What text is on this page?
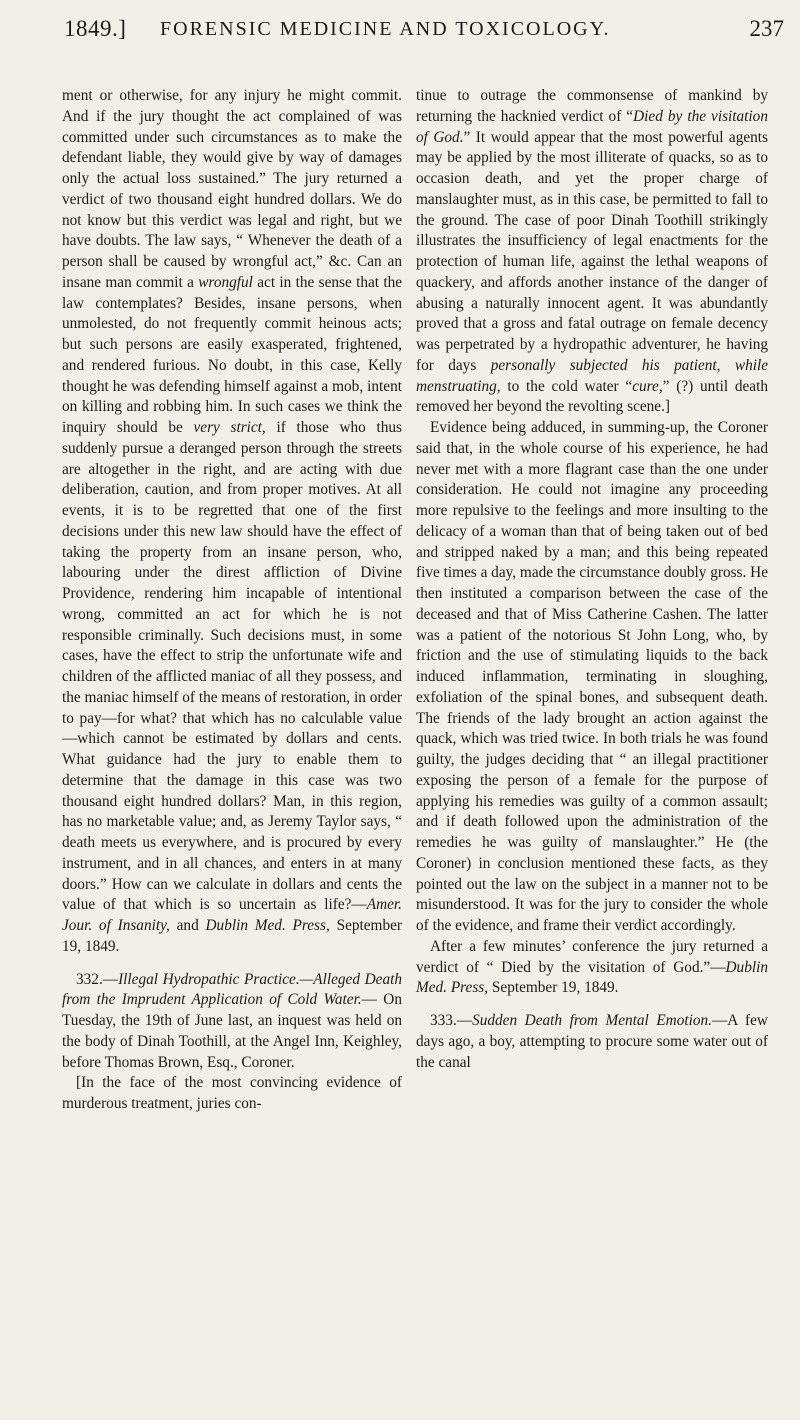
1849.] FORENSIC MEDICINE AND TOXICOLOGY.	237

ment or otherwise, for any injury he might commit. And if the jury thought the act complained of was committed under such circumstances as to make the defendant liable, they would give by way of damages only the actual loss sustained.” The jury returned a verdict of two thousand eight hundred dollars. We do not know but this verdict was legal and right, but we have doubts. The law says, “ Whenever the death of a person shall be caused by wrongful act,” &c. Can an insane man commit a wrongful act in the sense that the law contemplates? Besides, insane persons, when unmolested, do not frequently commit heinous acts; but such persons are easily exasperated, frightened, and rendered furious. No doubt, in this case, Kelly thought he was defending himself against a mob, intent on killing and robbing him. In such cases we think the inquiry should be very strict, if those who thus suddenly pursue a deranged person through the streets are altogether in the right, and are acting with due deliberation, caution, and from proper motives. At all events, it is to be regretted that one of the first decisions under this new law should have the effect of taking the property from an insane person, who, labouring under the direst affliction of Divine Providence, rendering him incapable of intentional wrong, committed an act for which he is not responsible criminally. Such decisions must, in some cases, have the effect to strip the unfortunate wife and children of the afflicted maniac of all they possess, and the maniac himself of the means of restoration, in order to pay—for what? that which has no calculable value—which cannot be estimated by dollars and cents. What guidance had the jury to enable them to determine that the damage in this case was two thousand eight hundred dollars? Man, in this region, has no marketable value; and, as Jeremy Taylor says, “ death meets us everywhere, and is procured by every instrument, and in all chances, and enters in at many doors.” How can we calculate in dollars and cents the value of that which is so uncertain as life?—Amer. Jour. of Insanity, and Dublin Med. Press, September 19, 1849.

332.—Illegal Hydropathic Practice.—Alleged Death from the Imprudent Application of Cold Water.— On Tuesday, the 19th of June last, an inquest was held on the body of Dinah Toothill, at the Angel Inn, Keighley, before Thomas Brown, Esq., Coroner.

[In the face of the most convincing evidence of murderous treatment, juries con-

tinue to outrage the commonsense of mankind by returning the hacknied verdict of “Died by the visitation of God.” It would appear that the most powerful agents may be applied by the most illiterate of quacks, so as to occasion death, and yet the proper charge of manslaughter must, as in this case, be permitted to fall to the ground. The case of poor Dinah Toothill strikingly illustrates the insufficiency of legal enactments for the protection of human life, against the lethal weapons of quackery, and affords another instance of the danger of abusing a naturally innocent agent. It was abundantly proved that a gross and fatal outrage on female decency was perpetrated by a hydropathic adventurer, he having for days personally subjected his patient, while menstruating, to the cold water “cure,” (?) until death removed her beyond the revolting scene.]

Evidence being adduced, in summing-up, the Coroner said that, in the whole course of his experience, he had never met with a more flagrant case than the one under consideration. He could not imagine any proceeding more repulsive to the feelings and more insulting to the delicacy of a woman than that of being taken out of bed and stripped naked by a man; and this being repeated five times a day, made the circumstance doubly gross. He then instituted a comparison between the case of the deceased and that of Miss Catherine Cashen. The latter was a patient of the notorious St John Long, who, by friction and the use of stimulating liquids to the back induced inflammation, terminating in sloughing, exfoliation of the spinal bones, and subsequent death. The friends of the lady brought an action against the quack, which was tried twice. In both trials he was found guilty, the judges deciding that “ an illegal practitioner exposing the person of a female for the purpose of applying his remedies was guilty of a common assault; and if death followed upon the administration of the remedies he was guilty of manslaughter.” He (the Coroner) in conclusion mentioned these facts, as they pointed out the law on the subject in a manner not to be misunderstood. It was for the jury to consider the whole of the evidence, and frame their verdict accordingly.

After a few minutes’ conference the jury returned a verdict of “ Died by the visitation of God.”—Dublin Med. Press, September 19, 1849.

333.—Sudden Death from Mental Emotion.—A few days ago, a boy, attempting to procure some water out of the canal
